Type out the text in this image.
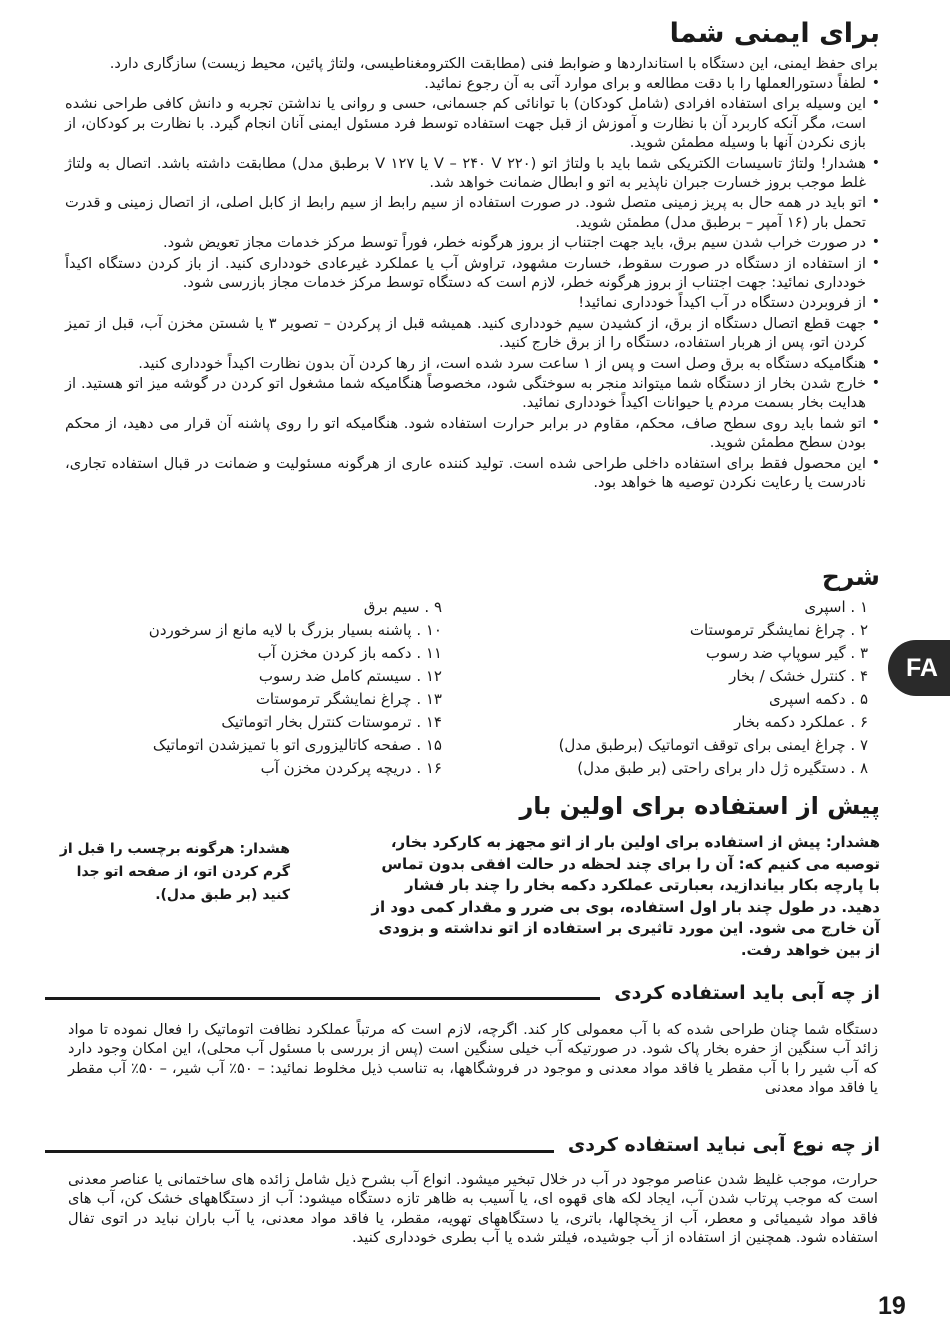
برای ایمنی شما

برای حفظ ایمنی، این دستگاه با استانداردها و ضوابط فنی (مطابقت الکترومغناطیسی، ولتاژ پائین، محیط زیست) سازگاری دارد.

• لطفاً دستورالعملها را با دقت مطالعه و برای موارد آتی به آن رجوع نمائید.
• این وسیله برای استفاده افرادی (شامل کودکان) با توانائی کم جسمانی، حسی و روانی یا نداشتن تجربه و دانش کافی طراحی نشده است، مگر آنکه کاربرد آن با نظارت و آموزش از قبل جهت استفاده توسط فرد مسئول ایمنی آنان انجام گیرد. با نظارت بر کودکان، از بازی نکردن آنها با وسیله مطمئن شوید.
• هشدار! ولتاژ تاسیسات الکتریکی شما باید با ولتاژ اتو (۲۲۰ V – ۲۴۰ V یا ۱۲۷ V برطبق مدل) مطابقت داشته باشد. اتصال به ولتاژ غلط موجب بروز خسارت جبران ناپذیر به اتو و ابطال ضمانت خواهد شد.
• اتو باید در همه حال به پریز زمینی متصل شود. در صورت استفاده از سیم رابط از سیم رابط از کابل اصلی، از اتصال زمینی و قدرت تحمل بار (۱۶ آمپر – برطبق مدل) مطمئن شوید.
• در صورت خراب شدن سیم برق، باید جهت اجتناب از بروز هرگونه خطر، فوراً توسط مرکز خدمات مجاز تعویض شود.
• از استفاده از دستگاه در صورت سقوط، خسارت مشهود، تراوش آب یا عملکرد غیرعادی خودداری کنید. از باز کردن دستگاه اکیداً خودداری نمائید: جهت اجتناب از بروز هرگونه خطر، لازم است که دستگاه توسط مرکز خدمات مجاز بازرسی شود.
• از فروبردن دستگاه در آب اکیداً خودداری نمائید!
• جهت قطع اتصال دستگاه از برق، از کشیدن سیم خودداری کنید. همیشه قبل از پرکردن – تصویر ۳ یا شستن مخزن آب، قبل از تمیز کردن اتو، پس از هربار استفاده، دستگاه را از برق خارج کنید.
• هنگامیکه دستگاه به برق وصل است و پس از ۱ ساعت سرد شده است، از رها کردن آن بدون نظارت اکیداً خودداری کنید.
• خارج شدن بخار از دستگاه شما میتواند منجر به سوختگی شود، مخصوصاً هنگامیکه شما مشغول اتو کردن در گوشه میز اتو هستید. از هدایت بخار بسمت مردم یا حیوانات اکیداً خودداری نمائید.
• اتو شما باید روی سطح صاف، محکم، مقاوم در برابر حرارت استفاده شود. هنگامیکه اتو را روی پاشنه آن قرار می دهید، از محکم بودن سطح مطمئن شوید.
• این محصول فقط برای استفاده داخلی طراحی شده است. تولید کننده عاری از هرگونه مسئولیت و ضمانت در قبال استفاده تجاری، نادرست یا رعایت نکردن توصیه ها خواهد بود.
شرح
۱ . اسپری
۲ . چراغ نمایشگر ترموستات
۳ . گیر سوپاپ ضد رسوب
۴ . کنترل خشک / بخار
۵ . دکمه اسپری
۶ . عملکرد دکمه بخار
۷ . چراغ ایمنی برای توقف اتوماتیک (برطبق مدل)
۸ . دستگیره ژل دار برای راحتی (بر طبق مدل)
۹ . سیم برق
۱۰ . پاشنه بسیار بزرگ با لایه مانع از سرخوردن
۱۱ . دکمه باز کردن مخزن آب
۱۲ . سیستم کامل ضد رسوب
۱۳ . چراغ نمایشگر ترموستات
۱۴ . ترموستات کنترل بخار اتوماتیک
۱۵ . صفحه کاتالیزوری اتو با تمیزشدن اتوماتیک
۱۶ . دریچه پرکردن مخزن آب
FA
پیش از استفاده برای اولین بار

هشدار: پیش از استفاده برای اولین بار از اتو مجهز به کارکرد بخار، توصیه می کنیم که: آن را برای چند لحظه در حالت افقی بدون تماس با پارچه بکار بیاندازید، بعبارتی عملکرد دکمه بخار را چند بار فشار دهید. در طول چند بار اول استفاده، بوی بی ضرر و مقدار کمی دود از آن خارج می شود. این مورد تاثیری بر استفاده از اتو نداشته و بزودی از بین خواهد رفت.

هشدار: هرگونه برچسب را قبل از گرم کردن اتو، از صفحه اتو جدا کنید (بر طبق مدل).

از چه آبی باید استفاده کردی

دستگاه شما چنان طراحی شده که با آب معمولی کار کند. اگرچه، لازم است که مرتباً عملکرد نظافت اتوماتیک را فعال نموده تا مواد زائد آب سنگین از حفره بخار پاک شود. در صورتیکه آب خیلی سنگین است (پس از بررسی با مسئول آب محلی)، این امکان وجود دارد که آب شیر را با آب مقطر یا فاقد مواد معدنی و موجود در فروشگاهها، به تناسب ذیل مخلوط نمائید: – ۵۰٪ آب شیر، – ۵۰٪ آب مقطر یا فاقد مواد معدنی

از چه نوع آبی نباید استفاده کردی

حرارت، موجب غلیظ شدن عناصر موجود در آب در خلال تبخیر میشود. انواع آب بشرح ذیل شامل زائده های ساختمانی یا عناصر معدنی است که موجب پرتاب شدن آب، ایجاد لکه های قهوه ای، یا آسیب به ظاهر تازه دستگاه میشود: آب از دستگاههای خشک کن، آب های فاقد مواد شیمیائی و معطر، آب از یخچالها، باتری، یا دستگاههای تهویه، مقطر، یا فاقد مواد معدنی، یا آب باران نباید در اتوی تفال استفاده شود. همچنین از استفاده از آب جوشیده، فیلتر شده یا آب بطری خودداری کنید.

19
